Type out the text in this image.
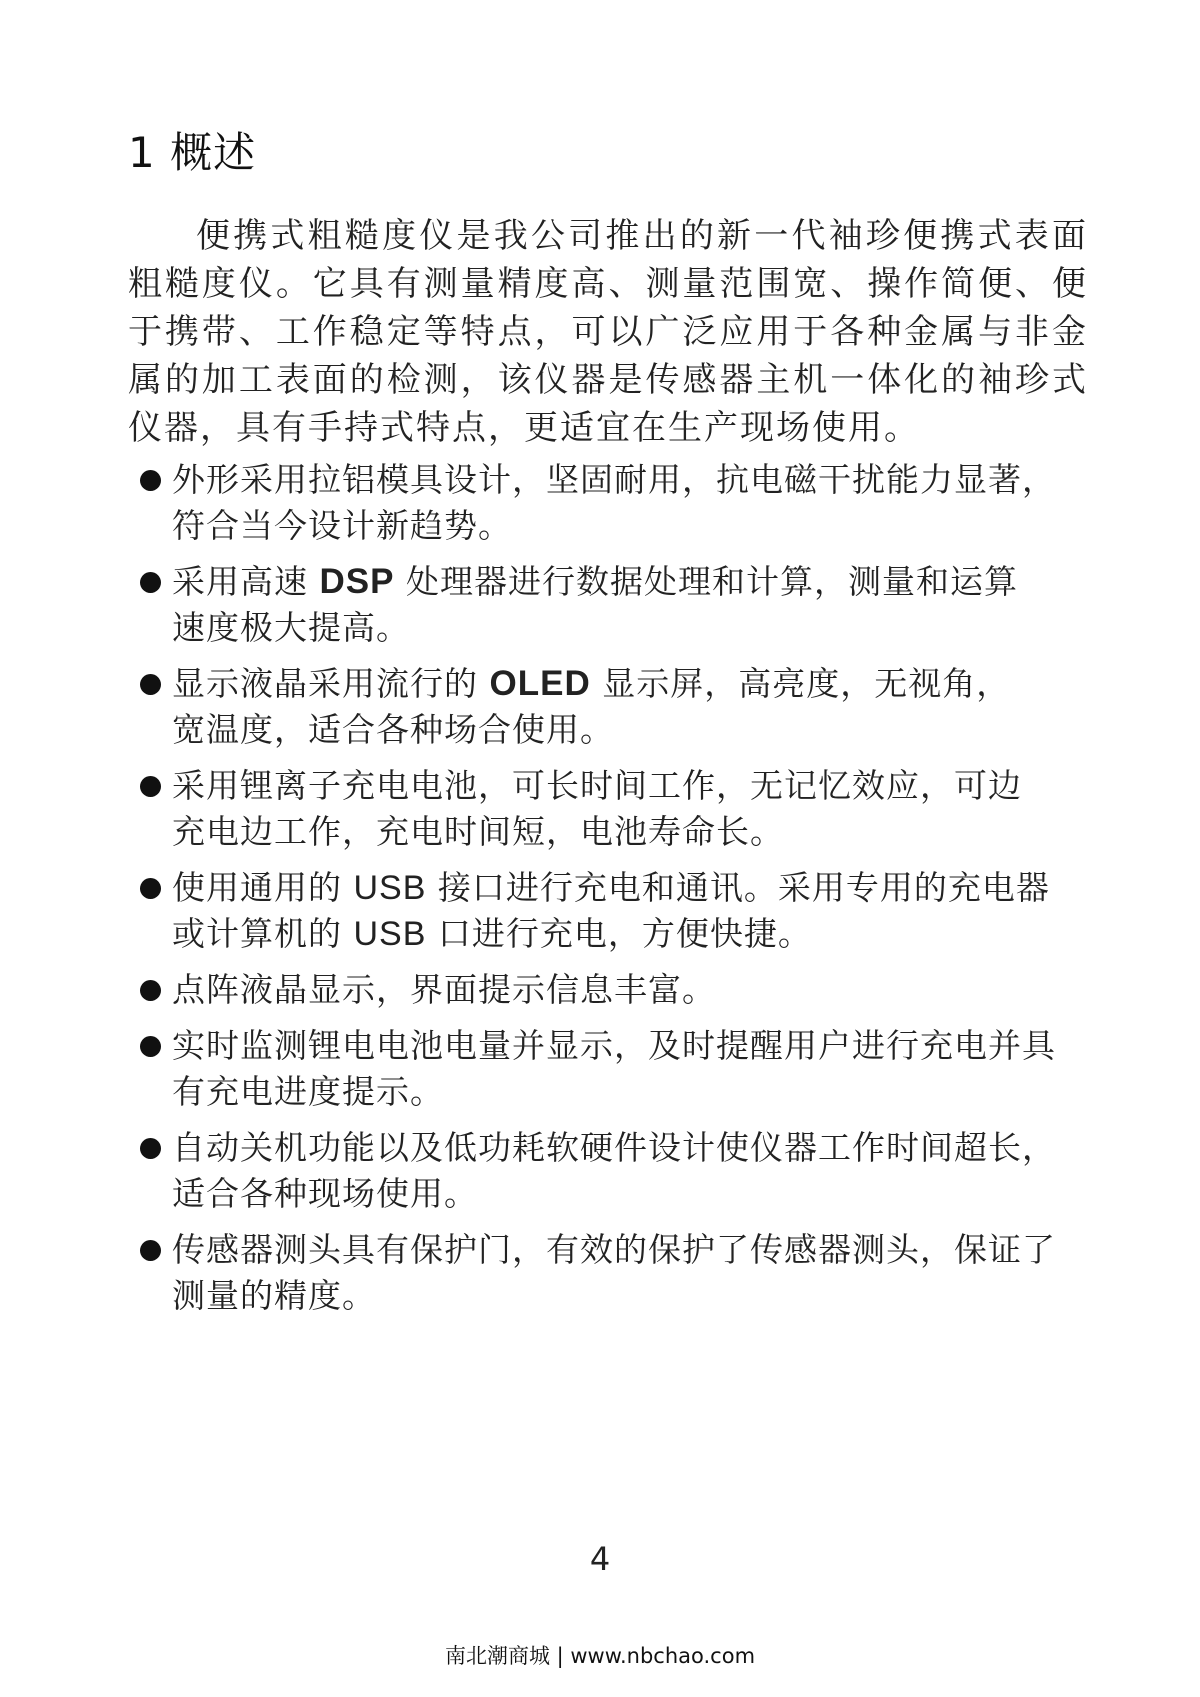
1 概述

便携式粗糙度仪是我公司推出的新一代袖珍便携式表面粗糙度仪。它具有测量精度高、测量范围宽、操作简便、便于携带、工作稳定等特点，可以广泛应用于各种金属与非金属的加工表面的检测，该仪器是传感器主机一体化的袖珍式仪器，具有手持式特点，更适宜在生产现场使用。

外形采用拉铝模具设计，坚固耐用，抗电磁干扰能力显著，
符合当今设计新趋势。
采用高速 DSP 处理器进行数据处理和计算，测量和运算
速度极大提高。
显示液晶采用流行的 OLED 显示屏，高亮度，无视角，
宽温度，适合各种场合使用。
采用锂离子充电电池，可长时间工作，无记忆效应，可边
充电边工作，充电时间短，电池寿命长。
使用通用的 USB 接口进行充电和通讯。采用专用的充电器
或计算机的 USB 口进行充电，方便快捷。
点阵液晶显示，界面提示信息丰富。
实时监测锂电电池电量并显示，及时提醒用户进行充电并具
有充电进度提示。
自动关机功能以及低功耗软硬件设计使仪器工作时间超长，
适合各种现场使用。
传感器测头具有保护门，有效的保护了传感器测头，保证了
测量的精度。
4
南北潮商城 | www.nbchao.com
